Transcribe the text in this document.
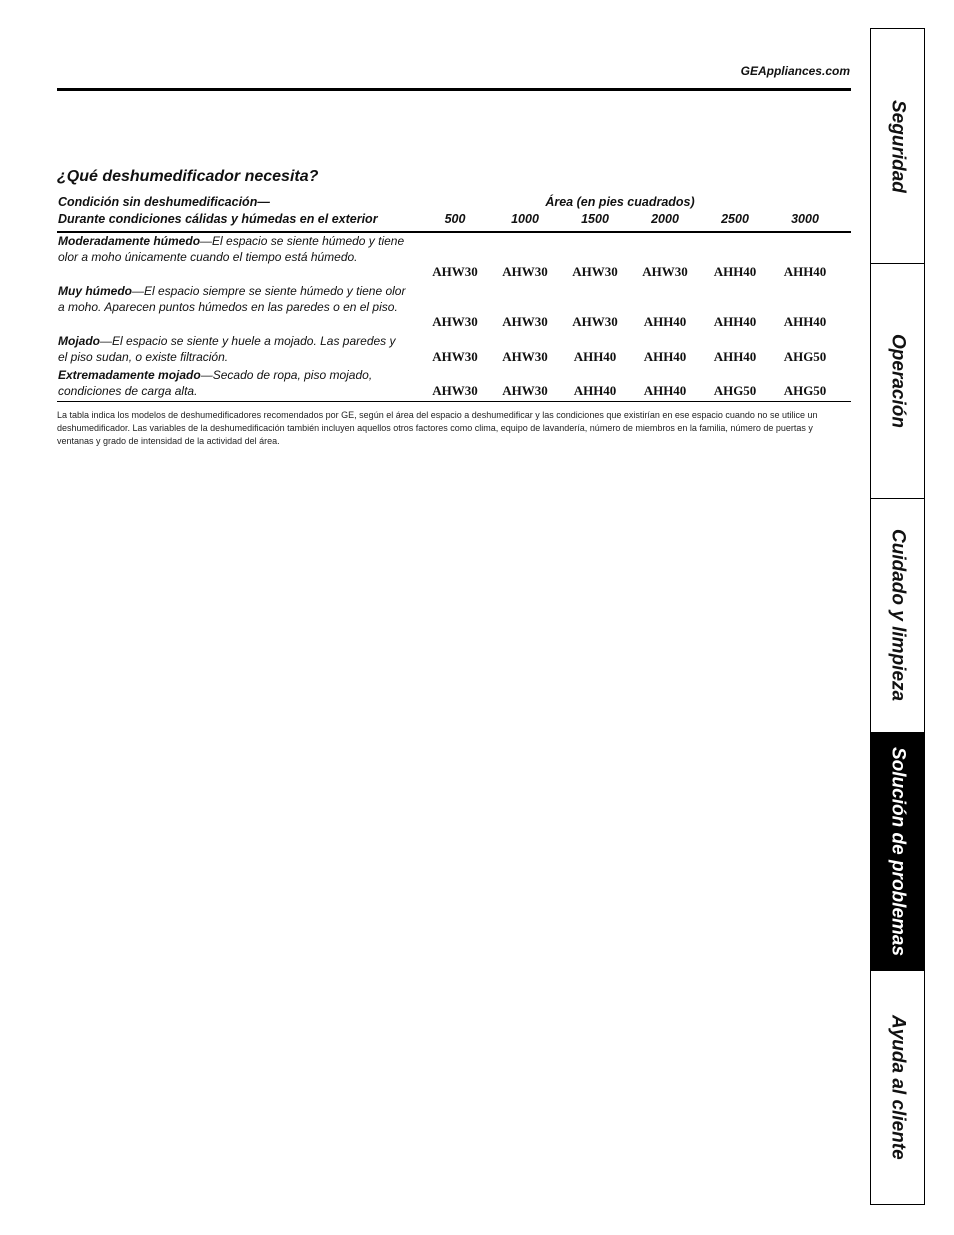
GEAppliances.com
¿Qué deshumedificador necesita?
Condición sin deshumedificación—
Durante condiciones cálidas y húmedas en el exterior
Área (en pies cuadrados)
500	1000	1500	2000	2500	3000
Moderadamente húmedo—El espacio se siente húmedo y tiene olor a moho únicamente cuando el tiempo está húmedo.
AHW30	AHW30	AHW30	AHW30	AHH40	AHH40
Muy húmedo—El espacio siempre se siente húmedo y tiene olor a moho. Aparecen puntos húmedos en las paredes o en el piso.
AHW30	AHW30	AHW30	AHH40	AHH40	AHH40
Mojado—El espacio se siente y huele a mojado. Las paredes y el piso sudan, o existe filtración.	AHW30	AHW30	AHH40	AHH40	AHH40	AHG50
Extremadamente mojado—Secado de ropa, piso mojado, condiciones de carga alta.	AHW30	AHW30	AHH40	AHH40	AHG50	AHG50
La tabla indica los modelos de deshumedificadores recomendados por GE, según el área del espacio a deshumedificar y las condiciones que existirían en ese espacio cuando no se utilice un deshumedificador. Las variables de la deshumedificación también incluyen aquellos otros factores como clima, equipo de lavandería, número de miembros en la familia, número de puertas y ventanas y grado de intensidad de la actividad del área.
Seguridad
Operación
Cuidado y limpieza
Solución de problemas
Ayuda al cliente
